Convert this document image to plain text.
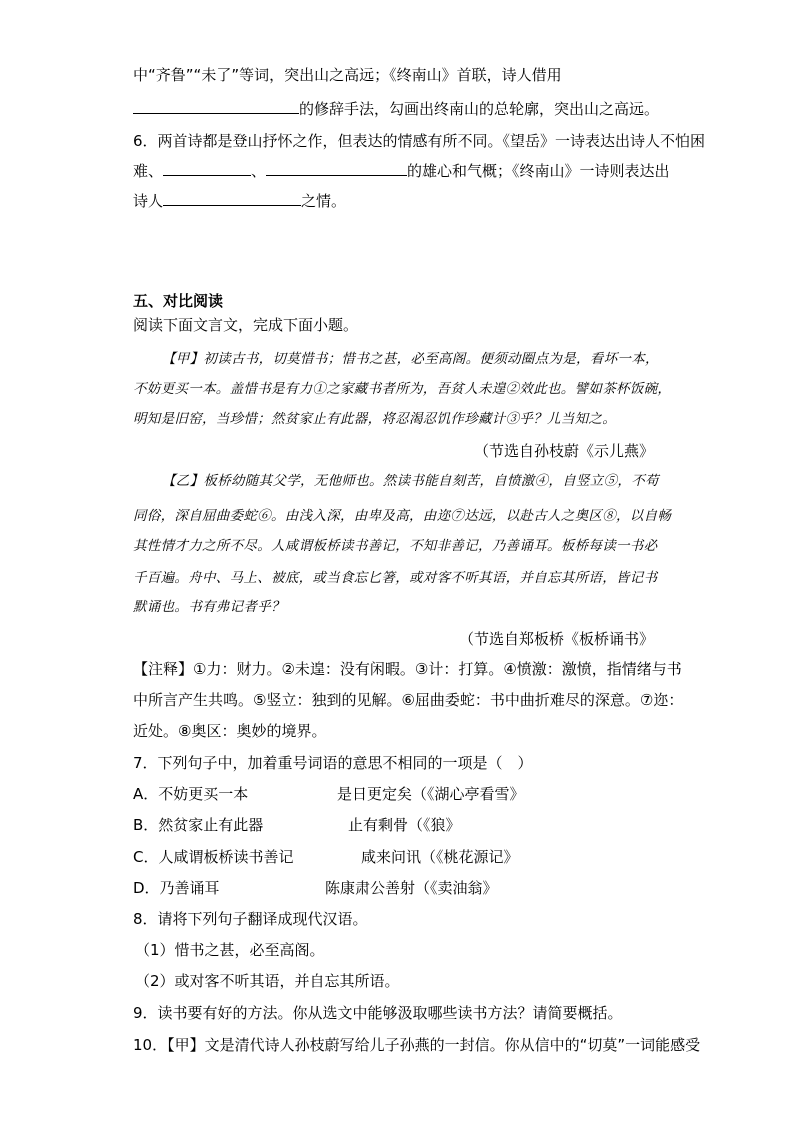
中“齐鲁”“未了”等词，突出山之高远；《终南山》首联，诗人借用
的修辞手法，勾画出终南山的总轮廓，突出山之高远。
6．两首诗都是登山抒怀之作，但表达的情感有所不同。《望岳》一诗表达出诗人不怕困
难、	、	的雄心和气概；《终南山》一诗则表达出
诗人	之情。
五、对比阅读
阅读下面文言文，完成下面小题。
【甲】初读古书，切莫惜书；惜书之甚，必至高阁。便须动圈点为是，看坏一本，
不妨更买一本。盖惜书是有力①之家藏书者所为，吾贫人未遑②效此也。譬如茶杯饭碗，
明知是旧窑，当珍惜；然贫家止有此器，将忍渴忍饥作珍藏计③乎？儿当知之。
（节选自孙枝蔚《示儿燕》
【乙】板桥幼随其父学，无他师也。然读书能自刻苦，自愤激④，自竖立⑤，不苟
同俗，深自屈曲委蛇⑥。由浅入深，由卑及高，由迩⑦达远，以赴古人之奥区⑧，以自畅
其性情才力之所不尽。人咸谓板桥读书善记，不知非善记，乃善诵耳。板桥每读一书必
千百遍。舟中、马上、被底，或当食忘匕箸，或对客不听其语，并自忘其所语，皆记书
默诵也。书有弗记者乎？
（节选自郑板桥《板桥诵书》
【注释】①力：财力。②未遑：没有闲暇。③计：打算。④愤激：激愤，指情绪与书
中所言产生共鸣。⑤竖立：独到的见解。⑥屈曲委蛇：书中曲折难尽的深意。⑦迩：
近处。⑧奥区：奥妙的境界。
7．下列句子中，加着重号词语的意思不相同的一项是（　）
A．不妨更买一本	是日更定矣（《湖心亭看雪》
B．然贫家止有此器	止有剩骨（《狼》
C．人咸谓板桥读书善记	咸来问讯（《桃花源记》
D．乃善诵耳	陈康肃公善射（《卖油翁》
8．请将下列句子翻译成现代汉语。
（1）惜书之甚，必至高阁。
（2）或对客不听其语，并自忘其所语。
9．读书要有好的方法。你从选文中能够汲取哪些读书方法？请简要概括。
10．【甲】文是清代诗人孙枝蔚写给儿子孙燕的一封信。你从信中的“切莫”一词能感受
